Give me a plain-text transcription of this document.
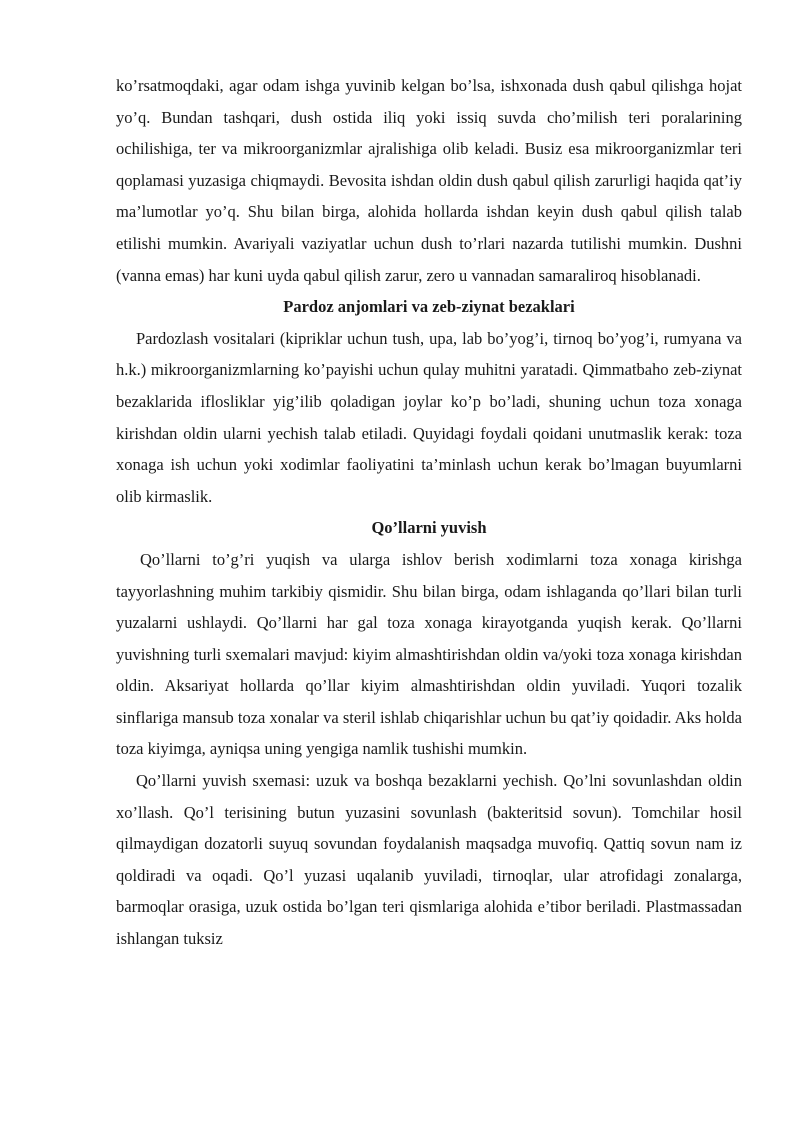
ko’rsatmoqdaki, agar odam ishga yuvinib kelgan bo’lsa, ishxonada dush qabul qilishga hojat yo’q. Bundan tashqari, dush ostida iliq yoki issiq suvda cho’milish teri poralarining ochilishiga, ter va mikroorganizmlar ajralishiga olib keladi. Busiz esa mikroorganizmlar teri qoplamasi yuzasiga chiqmaydi. Bevosita ishdan oldin dush qabul qilish zarurligi haqida qat’iy ma’lumotlar yo’q. Shu bilan birga, alohida hollarda ishdan keyin dush qabul qilish talab etilishi mumkin. Avariyali vaziyatlar uchun dush to’rlari nazarda tutilishi mumkin. Dushni (vanna emas) har kuni uyda qabul qilish zarur, zero u vannadan samaraliroq hisoblanadi.

Pardoz anjomlari va zeb-ziynat bezaklari

Pardozlash vositalari (kipriklar uchun tush, upa, lab bo’yog’i, tirnoq bo’yog’i, rumyana va h.k.) mikroorganizmlarning ko’payishi uchun qulay muhitni yaratadi. Qimmatbaho zeb-ziynat bezaklarida iflosliklar yig’ilib qoladigan joylar ko’p bo’ladi, shuning uchun toza xonaga kirishdan oldin ularni yechish talab etiladi. Quyidagi foydali qoidani unutmaslik kerak: toza xonaga ish uchun yoki xodimlar faoliyatini ta’minlash uchun kerak bo’lmagan buyumlarni olib kirmaslik.

Qo’llarni yuvish

Qo’llarni to’g’ri yuqish va ularga ishlov berish xodimlarni toza xonaga kirishga tayyorlashning muhim tarkibiy qismidir. Shu bilan birga, odam ishlaganda qo’llari bilan turli yuzalarni ushlaydi. Qo’llarni har gal toza xonaga kirayotganda yuqish kerak. Qo’llarni yuvishning turli sxemalari mavjud: kiyim almashtirishdan oldin va/yoki toza xonaga kirishdan oldin. Aksariyat hollarda qo’llar kiyim almashtirishdan oldin yuviladi. Yuqori tozalik sinflariga mansub toza xonalar va steril ishlab chiqarishlar uchun bu qat’iy qoidadir. Aks holda toza kiyimga, ayniqsa uning yengiga namlik tushishi mumkin.

Qo’llarni yuvish sxemasi: uzuk va boshqa bezaklarni yechish. Qo’lni sovunlashdan oldin xo’llash. Qo’l terisining butun yuzasini sovunlash (bakteritsid sovun). Tomchilar hosil qilmaydigan dozatorli suyuq sovundan foydalanish maqsadga muvofiq. Qattiq sovun nam iz qoldiradi va oqadi. Qo’l yuzasi uqalanib yuviladi, tirnoqlar, ular atrofidagi zonalarga, barmoqlar orasiga, uzuk ostida bo’lgan teri qismlariga alohida e’tibor beriladi. Plastmassadan ishlangan tuksiz
